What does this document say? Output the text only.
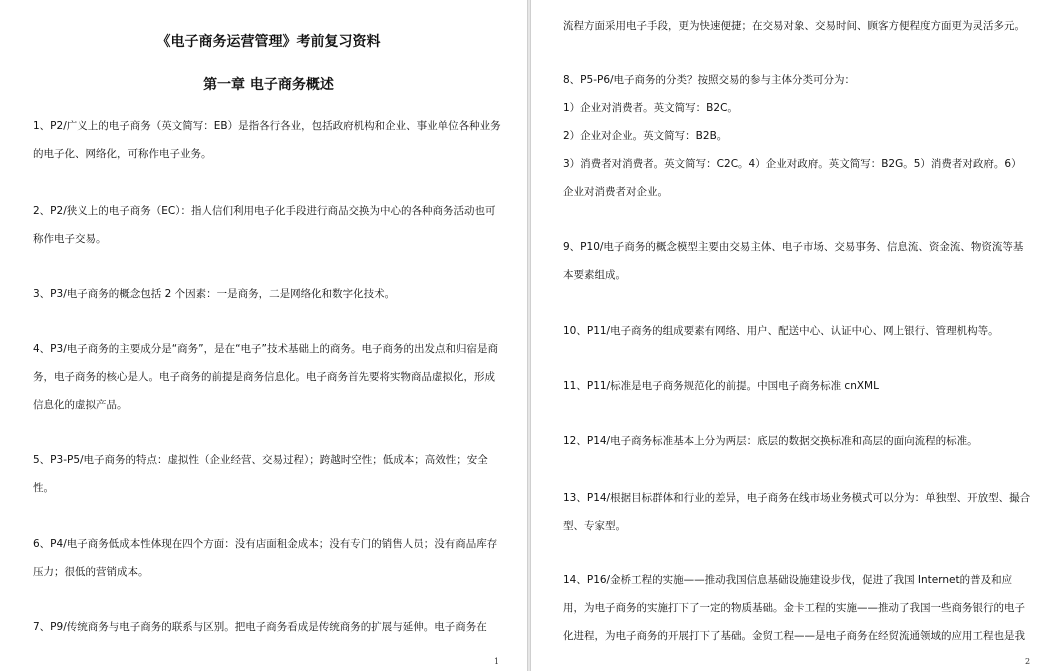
《电子商务运营管理》考前复习资料
第一章 电子商务概述

1、P2/广义上的电子商务（英文简写：EB）是指各行各业，包括政府机构和企业、事业单位各种业务的电子化、网络化，可称作电子业务。

2、P2/狭义上的电子商务（EC）：指人信们利用电子化手段进行商品交换为中心的各种商务活动也可称作电子交易。

3、P3/电子商务的概念包括 2 个因素：一是商务，二是网络化和数字化技术。

4、P3/电子商务的主要成分是“商务”，是在“电子”技术基础上的商务。电子商务的出发点和归宿是商务，电子商务的核心是人。电子商务的前提是商务信息化。电子商务首先要将实物商品虚拟化，形成信息化的虚拟产品。

5、P3-P5/电子商务的特点：虚拟性（企业经营、交易过程）；跨越时空性；低成本；高效性；安全性。

6、P4/电子商务低成本性体现在四个方面：没有店面租金成本；没有专门的销售人员；没有商品库存压力；很低的营销成本。

7、P9/传统商务与电子商务的联系与区别。把电子商务看成是传统商务的扩展与延伸。电子商务在

1

流程方面采用电子手段，更为快速便捷；在交易对象、交易时间、顾客方便程度方面更为灵活多元。

8、P5-P6/电子商务的分类？按照交易的参与主体分类可分为：

1）企业对消费者。英文简写：B2C。

2）企业对企业。英文简写：B2B。

3）消费者对消费者。英文简写：C2C。4）企业对政府。英文简写：B2G。5）消费者对政府。6）企业对消费者对企业。

9、P10/电子商务的概念模型主要由交易主体、电子市场、交易事务、信息流、资金流、物资流等基本要素组成。

10、P11/电子商务的组成要素有网络、用户、配送中心、认证中心、网上银行、管理机构等。

11、P11/标准是电子商务规范化的前提。中国电子商务标准 cnXML

12、P14/电子商务标准基本上分为两层：底层的数据交换标准和高层的面向流程的标准。

13、P14/根据目标群体和行业的差异，电子商务在线市场业务模式可以分为：单独型、开放型、撮合型、专家型。

14、P16/金桥工程的实施——推动我国信息基础设施建设步伐，促进了我国 Internet的普及和应用，为电子商务的实施打下了一定的物质基础。金卡工程的实施——推动了我国一些商务银行的电子化进程，为电子商务的开展打下了基础。金贸工程——是电子商务在经贸流通领域的应用工程也是我

2
